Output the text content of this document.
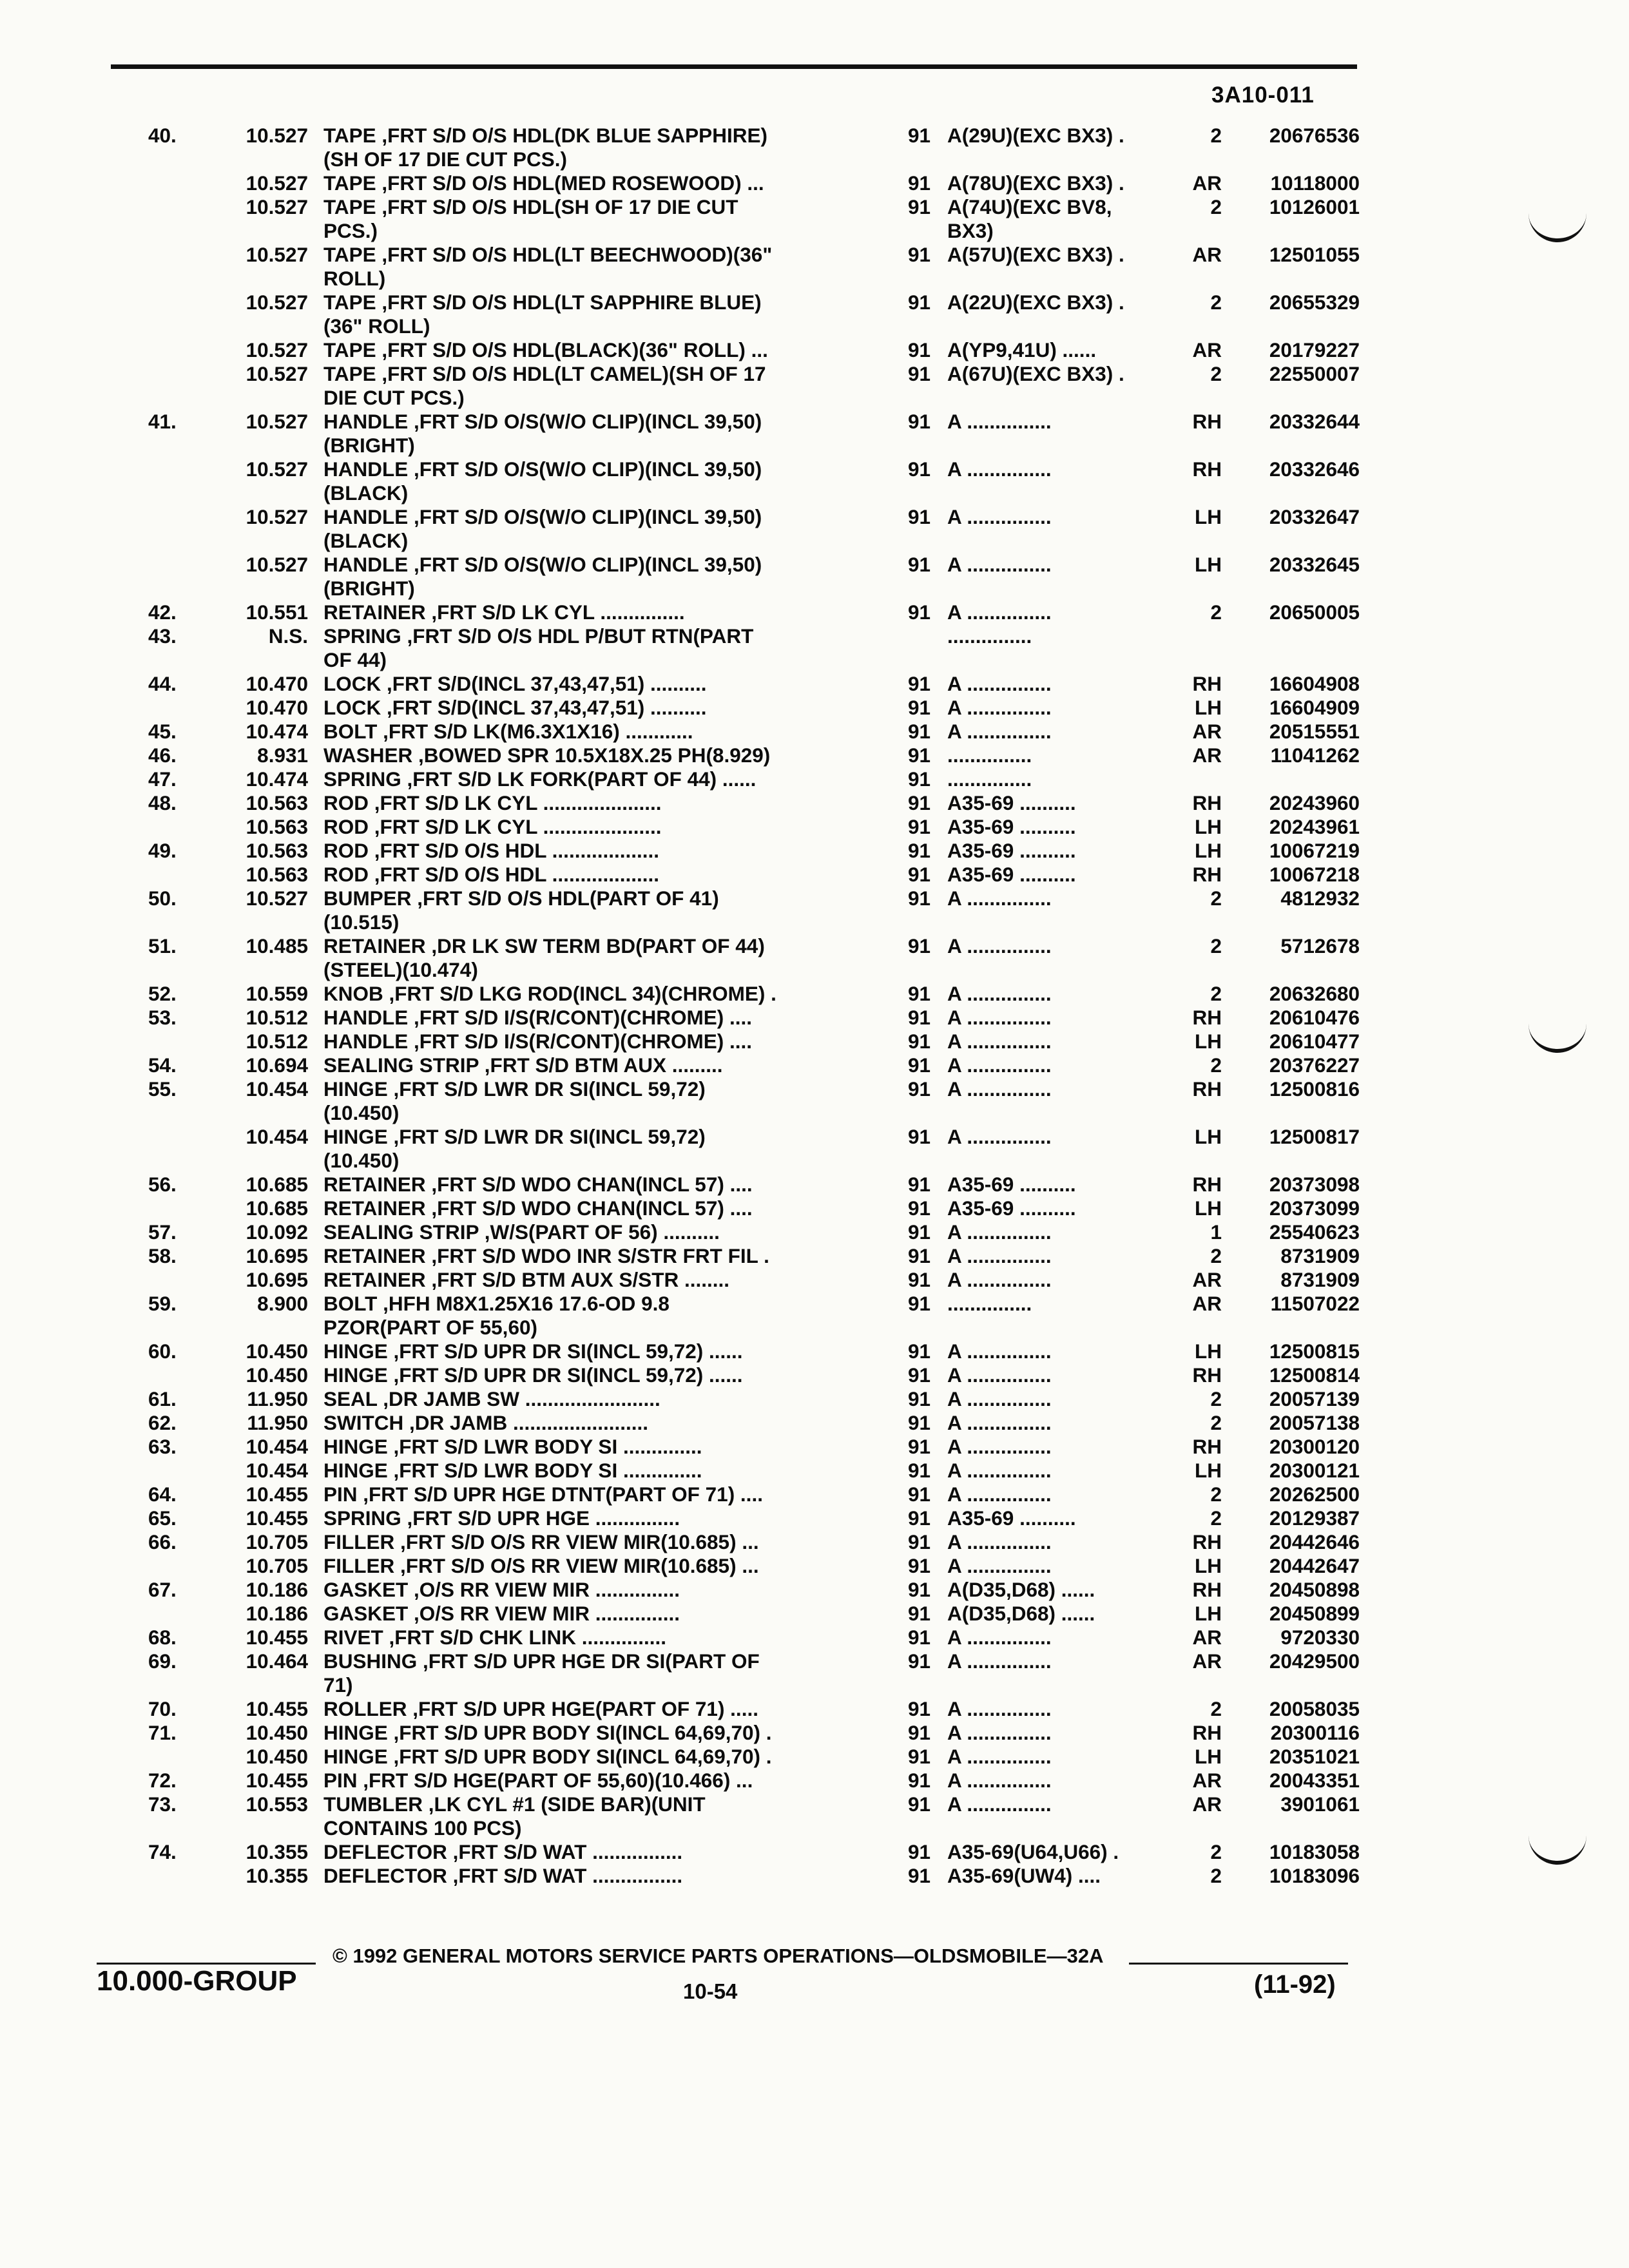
3A10-011
40.	10.527 TAPE ,FRT S/D O/S HDL(DK BLUE SAPPHIRE)	91 A(29U)(EXC BX3) .	2	20676536
(SH OF 17 DIE CUT PCS.)
10.527 TAPE ,FRT S/D O/S HDL(MED ROSEWOOD) ...	91 A(78U)(EXC BX3) .	AR	10118000
10.527 TAPE ,FRT S/D O/S HDL(SH OF 17 DIE CUT	91 A(74U)(EXC BV8,	2	10126001
PCS.)	BX3)
10.527 TAPE ,FRT S/D O/S HDL(LT BEECHWOOD)(36"	91 A(57U)(EXC BX3) .	AR	12501055
ROLL)
10.527 TAPE ,FRT S/D O/S HDL(LT SAPPHIRE BLUE)	91 A(22U)(EXC BX3) .	2	20655329
(36" ROLL)
10.527 TAPE ,FRT S/D O/S HDL(BLACK)(36" ROLL) ...	91 A(YP9,41U) ......	AR	20179227
10.527 TAPE ,FRT S/D O/S HDL(LT CAMEL)(SH OF 17	91 A(67U)(EXC BX3) .	2	22550007
DIE CUT PCS.)
41.	10.527 HANDLE ,FRT S/D O/S(W/O CLIP)(INCL 39,50)	91 A ...............	RH	20332644
(BRIGHT)
10.527 HANDLE ,FRT S/D O/S(W/O CLIP)(INCL 39,50)	91 A ...............	RH	20332646
(BLACK)
10.527 HANDLE ,FRT S/D O/S(W/O CLIP)(INCL 39,50)	91 A ...............	LH	20332647
(BLACK)
10.527 HANDLE ,FRT S/D O/S(W/O CLIP)(INCL 39,50)	91 A ...............	LH	20332645
(BRIGHT)
42.	10.551 RETAINER ,FRT S/D LK CYL ...............	91 A ...............	2	20650005
43.	N.S. SPRING ,FRT S/D O/S HDL P/BUT RTN(PART	...............
OF 44)
44.	10.470 LOCK ,FRT S/D(INCL 37,43,47,51) ..........	91 A ...............	RH	16604908
10.470 LOCK ,FRT S/D(INCL 37,43,47,51) ..........	91 A ...............	LH	16604909
45.	10.474 BOLT ,FRT S/D LK(M6.3X1X16) ............	91 A ...............	AR	20515551
46.	8.931 WASHER ,BOWED SPR 10.5X18X.25 PH(8.929)	91 ...............	AR	11041262
47.	10.474 SPRING ,FRT S/D LK FORK(PART OF 44) ......	91 ...............
48.	10.563 ROD ,FRT S/D LK CYL .....................	91 A35-69 ..........	RH	20243960
10.563 ROD ,FRT S/D LK CYL .....................	91 A35-69 ..........	LH	20243961
49.	10.563 ROD ,FRT S/D O/S HDL ...................	91 A35-69 ..........	LH	10067219
10.563 ROD ,FRT S/D O/S HDL ...................	91 A35-69 ..........	RH	10067218
50.	10.527 BUMPER ,FRT S/D O/S HDL(PART OF 41)	91 A ...............	2	4812932
(10.515)
51.	10.485 RETAINER ,DR LK SW TERM BD(PART OF 44)	91 A ...............	2	5712678
(STEEL)(10.474)
52.	10.559 KNOB ,FRT S/D LKG ROD(INCL 34)(CHROME) .	91 A ...............	2	20632680
53.	10.512 HANDLE ,FRT S/D I/S(R/CONT)(CHROME) ....	91 A ...............	RH	20610476
10.512 HANDLE ,FRT S/D I/S(R/CONT)(CHROME) ....	91 A ...............	LH	20610477
54.	10.694 SEALING STRIP ,FRT S/D BTM AUX .........	91 A ...............	2	20376227
55.	10.454 HINGE ,FRT S/D LWR DR SI(INCL 59,72)	91 A ...............	RH	12500816
(10.450)
10.454 HINGE ,FRT S/D LWR DR SI(INCL 59,72)	91 A ...............	LH	12500817
(10.450)
56.	10.685 RETAINER ,FRT S/D WDO CHAN(INCL 57) ....	91 A35-69 ..........	RH	20373098
10.685 RETAINER ,FRT S/D WDO CHAN(INCL 57) ....	91 A35-69 ..........	LH	20373099
57.	10.092 SEALING STRIP ,W/S(PART OF 56) ..........	91 A ...............	1	25540623
58.	10.695 RETAINER ,FRT S/D WDO INR S/STR FRT FIL .	91 A ...............	2	8731909
10.695 RETAINER ,FRT S/D BTM AUX S/STR ........	91 A ...............	AR	8731909
59.	8.900 BOLT ,HFH M8X1.25X16 17.6-OD 9.8	91 ...............	AR	11507022
PZOR(PART OF 55,60)
60.	10.450 HINGE ,FRT S/D UPR DR SI(INCL 59,72) ......	91 A ...............	LH	12500815
10.450 HINGE ,FRT S/D UPR DR SI(INCL 59,72) ......	91 A ...............	RH	12500814
61.	11.950 SEAL ,DR JAMB SW ........................	91 A ...............	2	20057139
62.	11.950 SWITCH ,DR JAMB ........................	91 A ...............	2	20057138
63.	10.454 HINGE ,FRT S/D LWR BODY SI ..............	91 A ...............	RH	20300120
10.454 HINGE ,FRT S/D LWR BODY SI ..............	91 A ...............	LH	20300121
64.	10.455 PIN ,FRT S/D UPR HGE DTNT(PART OF 71) ....	91 A ...............	2	20262500
65.	10.455 SPRING ,FRT S/D UPR HGE ...............	91 A35-69 ..........	2	20129387
66.	10.705 FILLER ,FRT S/D O/S RR VIEW MIR(10.685) ...	91 A ...............	RH	20442646
10.705 FILLER ,FRT S/D O/S RR VIEW MIR(10.685) ...	91 A ...............	LH	20442647
67.	10.186 GASKET ,O/S RR VIEW MIR ...............	91 A(D35,D68) ......	RH	20450898
10.186 GASKET ,O/S RR VIEW MIR ...............	91 A(D35,D68) ......	LH	20450899
68.	10.455 RIVET ,FRT S/D CHK LINK ...............	91 A ...............	AR	9720330
69.	10.464 BUSHING ,FRT S/D UPR HGE DR SI(PART OF	91 A ...............	AR	20429500
71)
70.	10.455 ROLLER ,FRT S/D UPR HGE(PART OF 71) .....	91 A ...............	2	20058035
71.	10.450 HINGE ,FRT S/D UPR BODY SI(INCL 64,69,70) .	91 A ...............	RH	20300116
10.450 HINGE ,FRT S/D UPR BODY SI(INCL 64,69,70) .	91 A ...............	LH	20351021
72.	10.455 PIN ,FRT S/D HGE(PART OF 55,60)(10.466) ...	91 A ...............	AR	20043351
73.	10.553 TUMBLER ,LK CYL #1 (SIDE BAR)(UNIT	91 A ...............	AR	3901061
CONTAINS 100 PCS)
74.	10.355 DEFLECTOR ,FRT S/D WAT ................	91 A35-69(U64,U66) .	2	10183058
10.355 DEFLECTOR ,FRT S/D WAT ................	91 A35-69(UW4) ....	2	10183096
© 1992 GENERAL MOTORS SERVICE PARTS OPERATIONS—OLDSMOBILE—32A
10.000-GROUP	10-54	(11-92)
